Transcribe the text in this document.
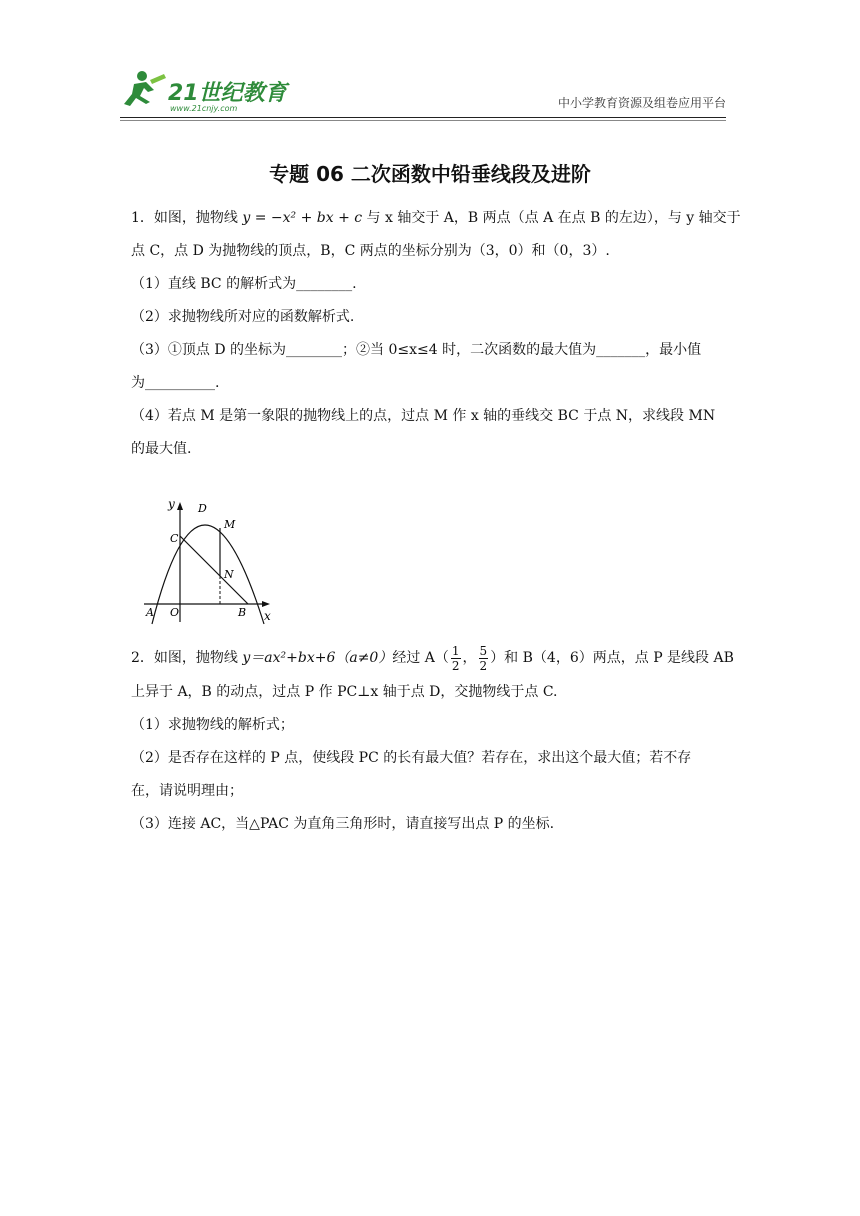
21世纪教育
www.21cnjy.com	中小学教育资源及组卷应用平台
专题 06 二次函数中铅垂线段及进阶
1．如图，抛物线 y = −x² + bx + c 与 x 轴交于 A，B 两点（点 A 在点 B 的左边），与 y 轴交于
点 C，点 D 为抛物线的顶点，B，C 两点的坐标分别为（3，0）和（0，3）.
（1）直线 BC 的解析式为________.
（2）求抛物线所对应的函数解析式.
（3）①顶点 D 的坐标为________；②当 0≤x≤4 时，二次函数的最大值为_______，最小值
为__________.
（4）若点 M 是第一象限的抛物线上的点，过点 M 作 x 轴的垂线交 BC 于点 N，求线段 MN
的最大值.
y
x
D
M
C
N
A O	B
2．如图，抛物线 y＝ax²+bx+6（a≠0）经过 $A( \frac{1}{2}$ ， $\frac{5}{2}$ ）和 B（4，6）两点，点 P 是线段 AB
上异于 A，B 的动点，过点 P 作 PC⊥x 轴于点 D，交抛物线于点 C.
（1）求抛物线的解析式；
（2）是否存在这样的 P 点，使线段 PC 的长有最大值？若存在，求出这个最大值；若不存
在，请说明理由；
（3）连接 AC，当△PAC 为直角三角形时，请直接写出点 P 的坐标.
